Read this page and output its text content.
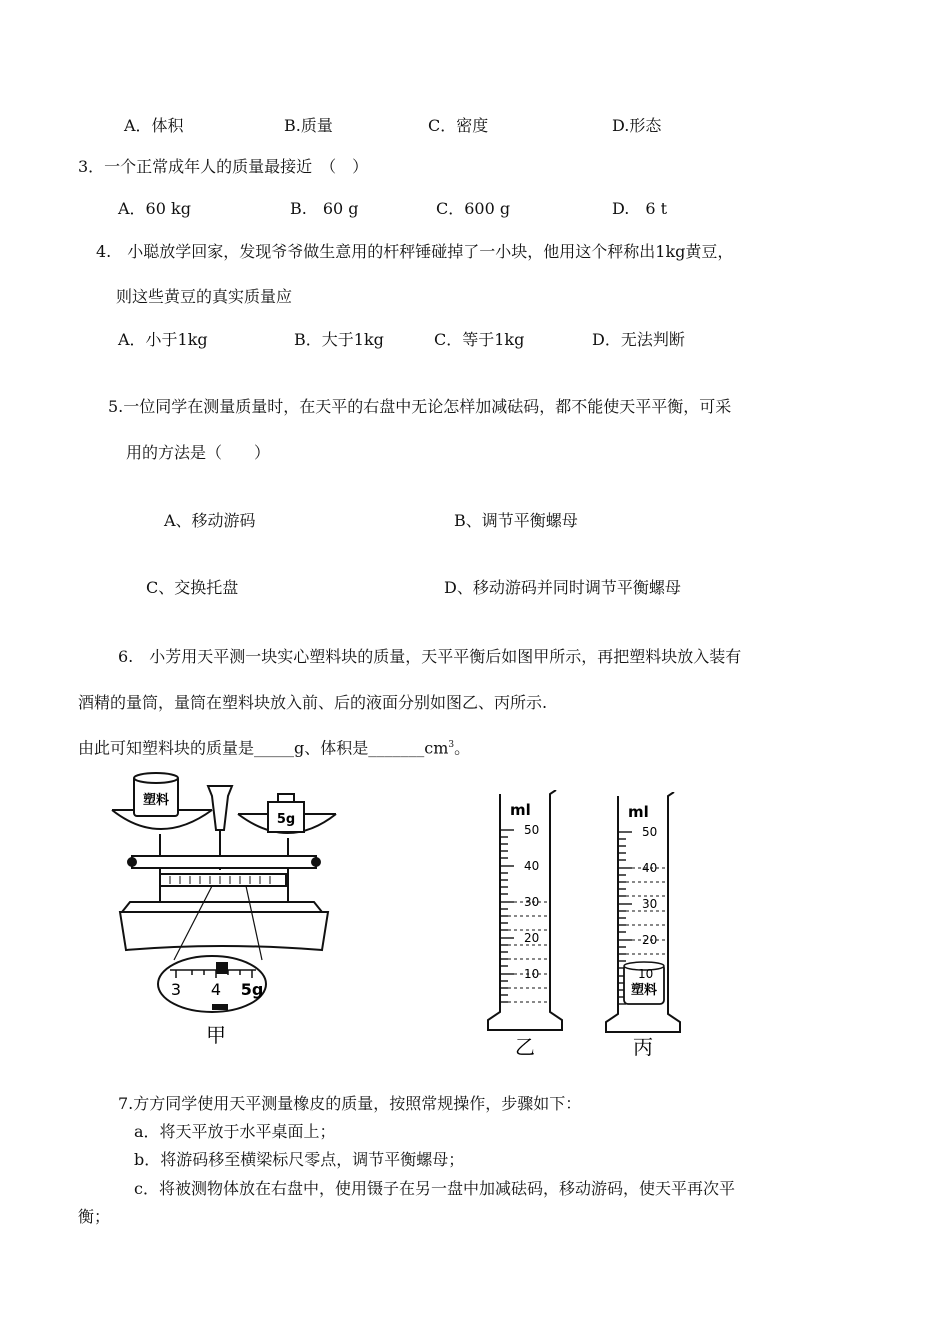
A．体积	B.质量	C．密度	D.形态
3．一个正常成年人的质量最接近　（　）
A．60 kg	B.　60 g	C．600 g	D.　6 t
4.　小聪放学回家，发现爷爷做生意用的杆秤锤碰掉了一小块，他用这个秤称出1kg黄豆，
则这些黄豆的真实质量应
A．小于1kg	B．大于1kg	C．等于1kg	D．无法判断
5.一位同学在测量质量时，在天平的右盘中无论怎样加减砝码，都不能使天平平衡，可采
用的方法是（　　）
A、移动游码	B、调节平衡螺母
C、交换托盘	D、移动游码并同时调节平衡螺母
6.　小芳用天平测一块实心塑料块的质量，天平平衡后如图甲所示，再把塑料块放入装有
酒精的量筒，量筒在塑料块放入前、后的液面分别如图乙、丙所示.
由此可知塑料块的质量是_____g、体积是$\_\_\_\_\_\_\_cm^3$。
塑料
5g
3 4 5g
甲
ml
50
40
30
20
10
乙
ml
50
40
30
20
10
塑料
丙
7.方方同学使用天平测量橡皮的质量，按照常规操作，步骤如下：
a．将天平放于水平桌面上；
b．将游码移至横梁标尺零点，调节平衡螺母；
c．将被测物体放在右盘中，使用镊子在另一盘中加减砝码，移动游码，使天平再次平
衡；
